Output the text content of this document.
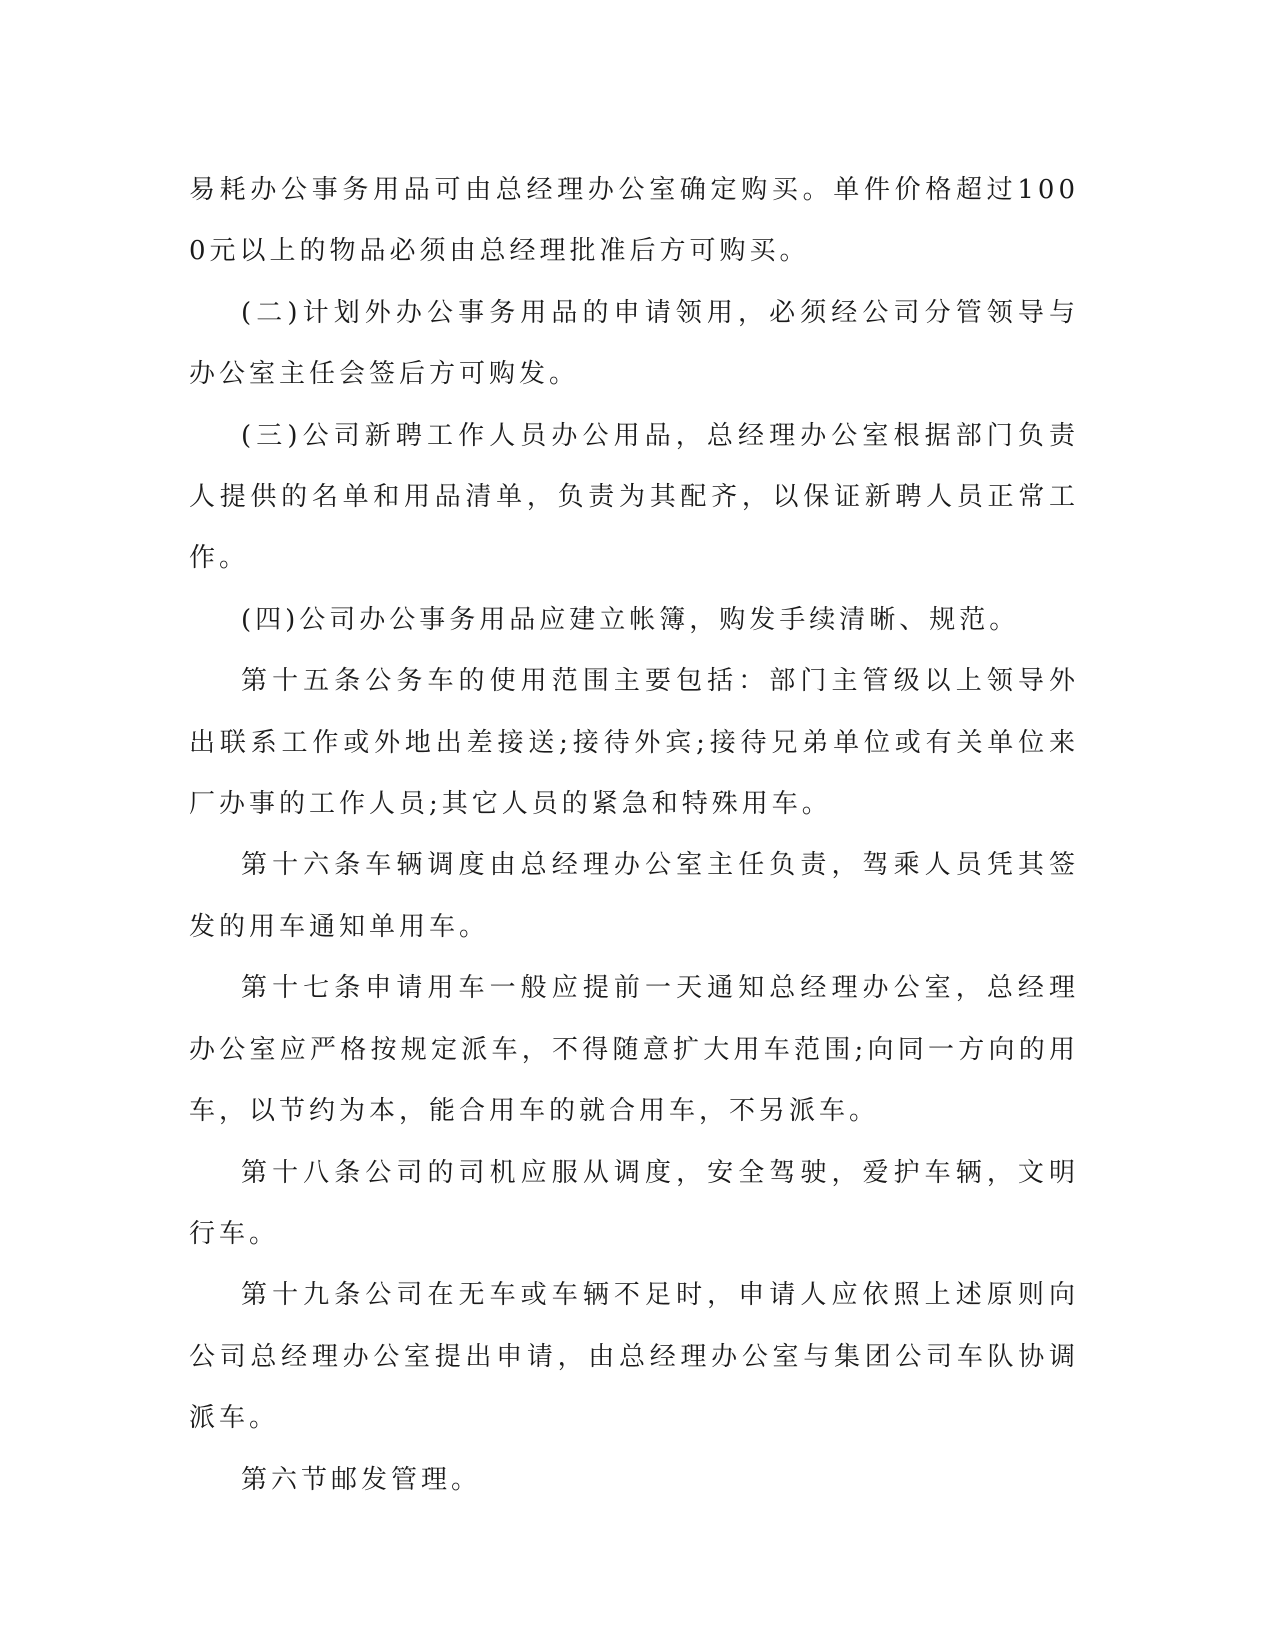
易耗办公事务用品可由总经理办公室确定购买。单件价格超过1000元以上的物品必须由总经理批准后方可购买。

(二)计划外办公事务用品的申请领用，必须经公司分管领导与办公室主任会签后方可购发。

(三)公司新聘工作人员办公用品，总经理办公室根据部门负责人提供的名单和用品清单，负责为其配齐，以保证新聘人员正常工作。

(四)公司办公事务用品应建立帐簿，购发手续清晰、规范。

第十五条公务车的使用范围主要包括：部门主管级以上领导外出联系工作或外地出差接送;接待外宾;接待兄弟单位或有关单位来厂办事的工作人员;其它人员的紧急和特殊用车。

第十六条车辆调度由总经理办公室主任负责，驾乘人员凭其签发的用车通知单用车。

第十七条申请用车一般应提前一天通知总经理办公室，总经理办公室应严格按规定派车，不得随意扩大用车范围;向同一方向的用车，以节约为本，能合用车的就合用车，不另派车。

第十八条公司的司机应服从调度，安全驾驶，爱护车辆，文明行车。

第十九条公司在无车或车辆不足时，申请人应依照上述原则向公司总经理办公室提出申请，由总经理办公室与集团公司车队协调派车。

第六节邮发管理。
